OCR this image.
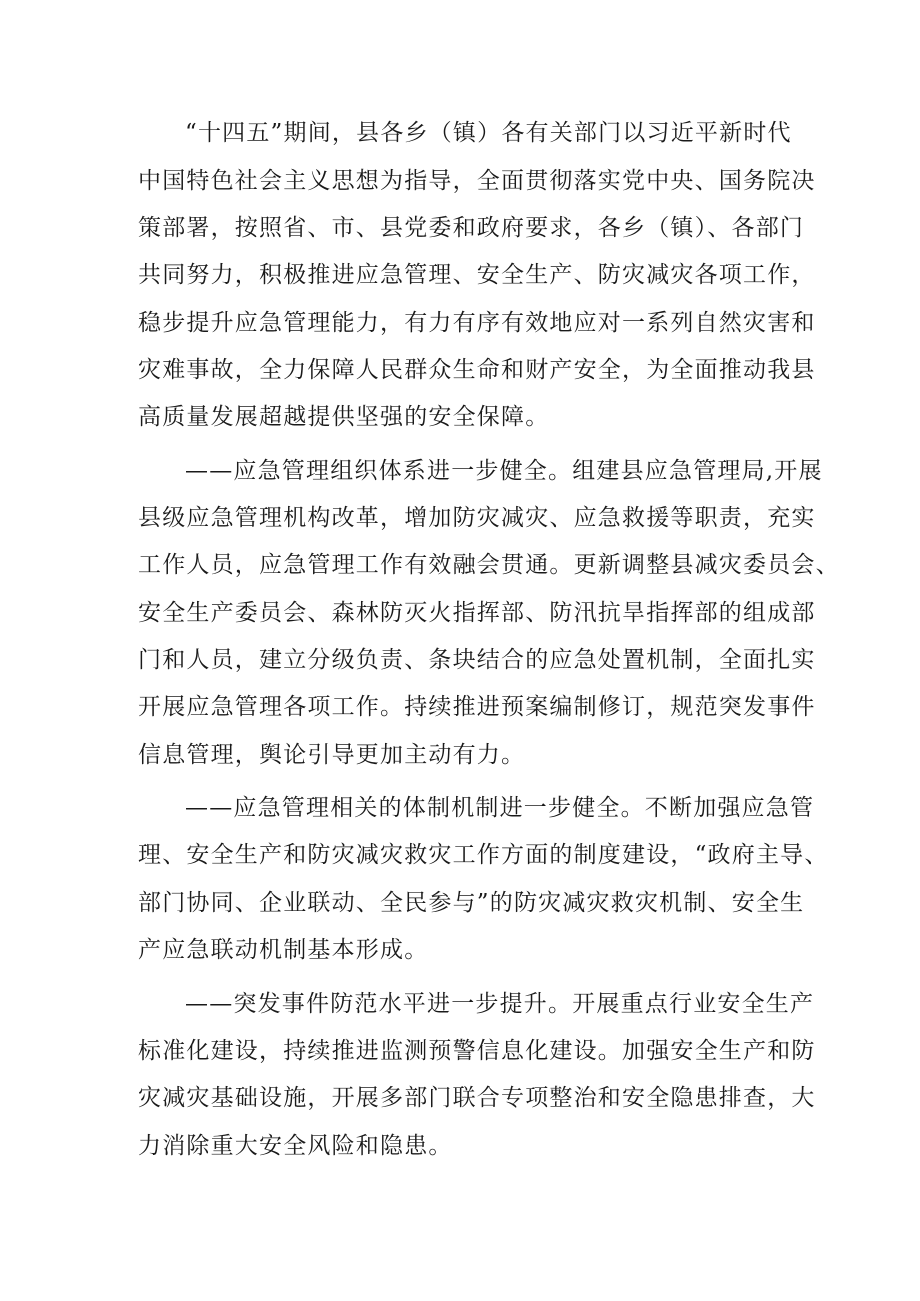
“十四五”期间，县各乡（镇）各有关部门以习近平新时代
中国特色社会主义思想为指导，全面贯彻落实党中央、国务院决
策部署，按照省、市、县党委和政府要求，各乡（镇）、各部门
共同努力，积极推进应急管理、安全生产、防灾减灾各项工作，
稳步提升应急管理能力，有力有序有效地应对一系列自然灾害和
灾难事故，全力保障人民群众生命和财产安全，为全面推动我县
高质量发展超越提供坚强的安全保障。
——应急管理组织体系进一步健全。组建县应急管理局,开展
县级应急管理机构改革，增加防灾减灾、应急救援等职责，充实
工作人员，应急管理工作有效融会贯通。更新调整县减灾委员会、
安全生产委员会、森林防灭火指挥部、防汛抗旱指挥部的组成部
门和人员，建立分级负责、条块结合的应急处置机制，全面扎实
开展应急管理各项工作。持续推进预案编制修订，规范突发事件
信息管理，舆论引导更加主动有力。
——应急管理相关的体制机制进一步健全。不断加强应急管
理、安全生产和防灾减灾救灾工作方面的制度建设，“政府主导、
部门协同、企业联动、全民参与”的防灾减灾救灾机制、安全生
产应急联动机制基本形成。
——突发事件防范水平进一步提升。开展重点行业安全生产
标准化建设，持续推进监测预警信息化建设。加强安全生产和防
灾减灾基础设施，开展多部门联合专项整治和安全隐患排查，大
力消除重大安全风险和隐患。
